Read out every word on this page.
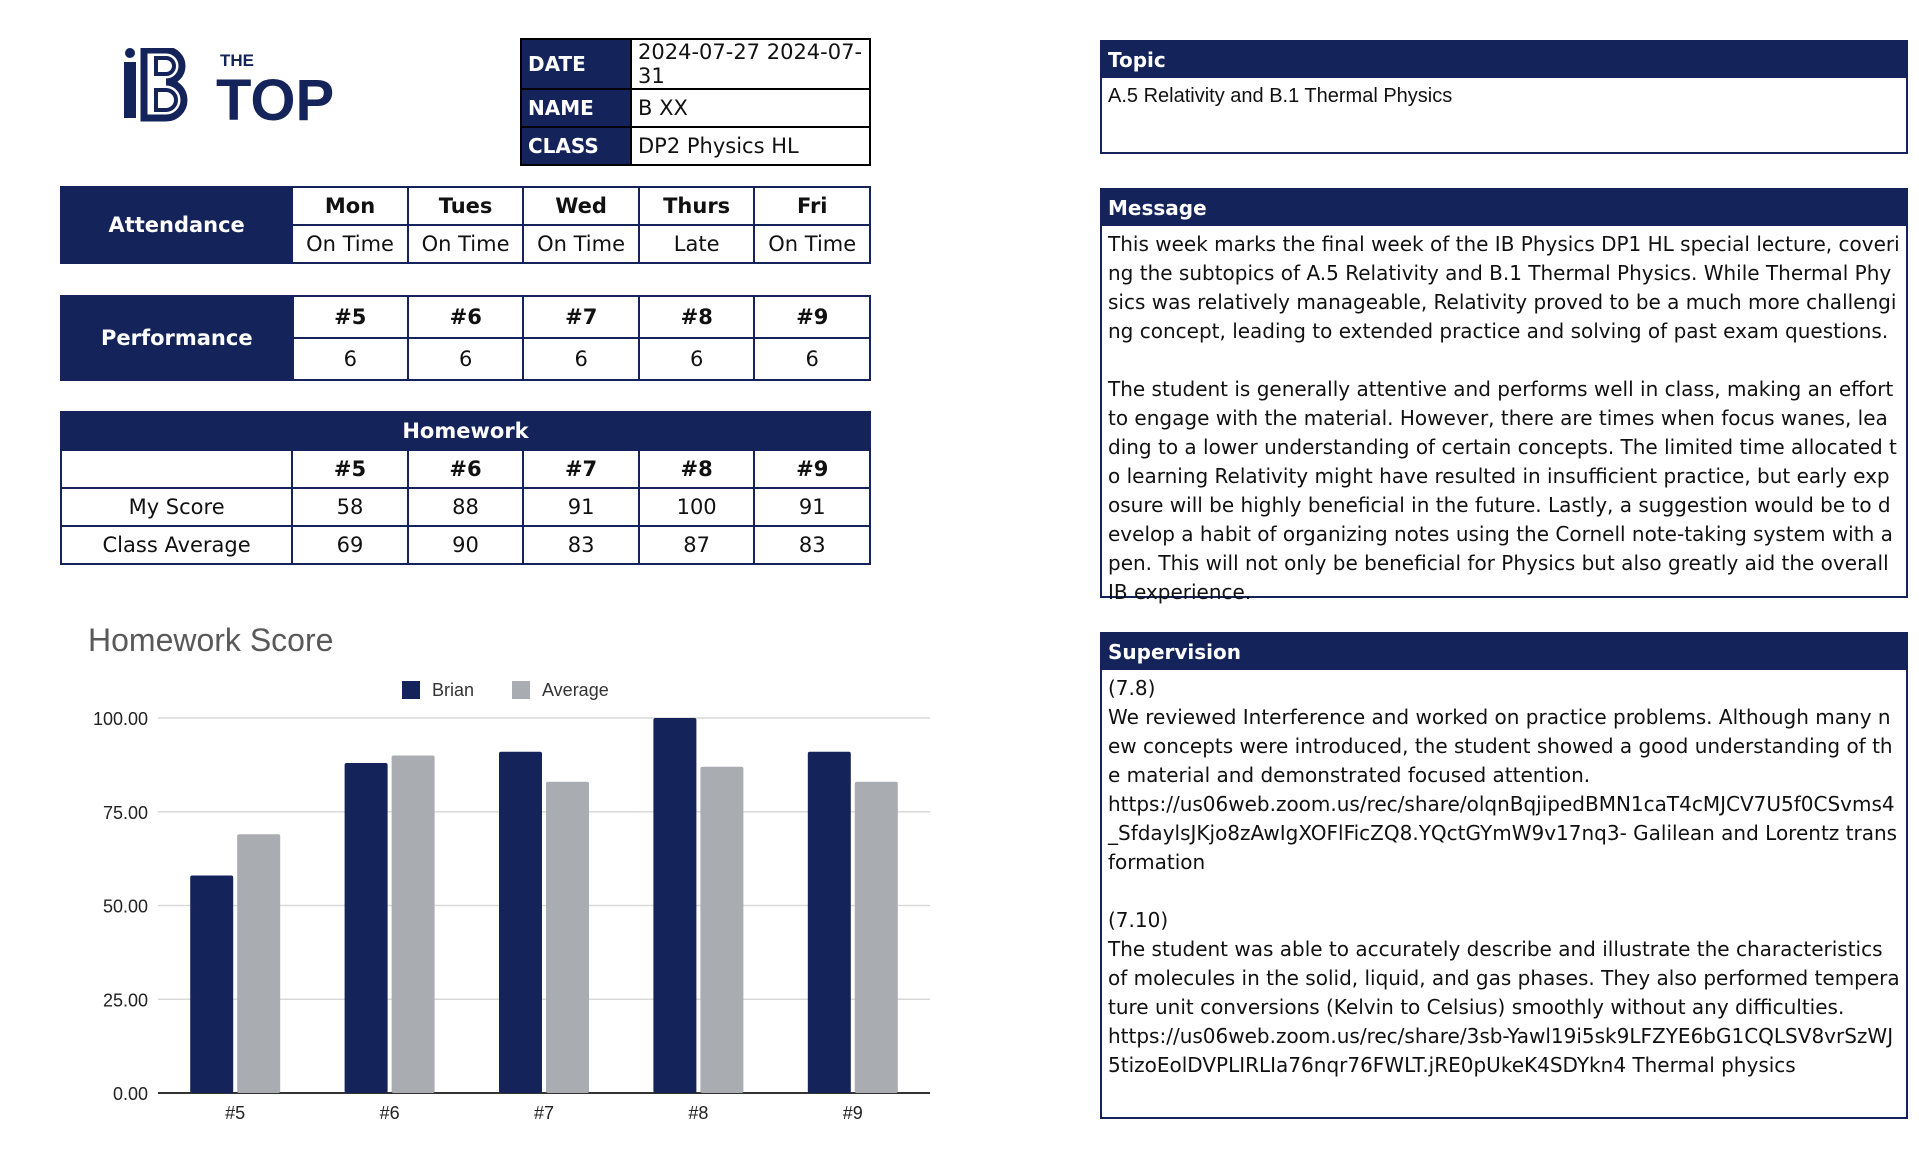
THE
TOP
DATE	2024-07-27 2024-07-31
NAME	B XX
CLASS	DP2 Physics HL
Attendance	Mon	Tues	Wed	Thurs	Fri
	On Time	On Time	On Time	Late	On Time
Performance	#5	#6	#7	#8	#9
	6	6	6	6	6
Homework					
	#5	#6	#7	#8	#9
My Score	58	88	91	100	91
Class Average	69	90	83	87	83
Homework Score
0.00
25.00
50.00
75.00
100.00
#5	#6	#7	#8	#9
Brian	Average
Topic
A.5 Relativity and B.1 Thermal Physics
Message
This week marks the final week of the IB Physics DP1 HL special lecture, covering the subtopics of A.5 Relativity and B.1 Thermal Physics. While Thermal Physics was relatively manageable, Relativity proved to be a much more challenging concept, leading to extended practice and solving of past exam questions.

The student is generally attentive and performs well in class, making an effort to engage with the material. However, there are times when focus wanes, leading to a lower understanding of certain concepts. The limited time allocated to learning Relativity might have resulted in insufficient practice, but early exposure will be highly beneficial in the future. Lastly, a suggestion would be to develop a habit of organizing notes using the Cornell note-taking system with a pen. This will not only be beneficial for Physics but also greatly aid the overall IB experience.
Supervision
(7.8)
We reviewed Interference and worked on practice problems. Although many new concepts were introduced, the student showed a good understanding of the material and demonstrated focused attention.
https://us06web.zoom.us/rec/share/olqnBqjipedBMN1caT4cMJCV7U5f0CSvms4_SfdaylsJKjo8zAwIgXOFlFicZQ8.YQctGYmW9v17nq3- Galilean and Lorentz transformation

(7.10)
The student was able to accurately describe and illustrate the characteristics of molecules in the solid, liquid, and gas phases. They also performed temperature unit conversions (Kelvin to Celsius) smoothly without any difficulties.
https://us06web.zoom.us/rec/share/3sb-Yawl19i5sk9LFZYE6bG1CQLSV8vrSzWJ5tizoEolDVPLIRLIa76nqr76FWLT.jRE0pUkeK4SDYkn4 Thermal physics
